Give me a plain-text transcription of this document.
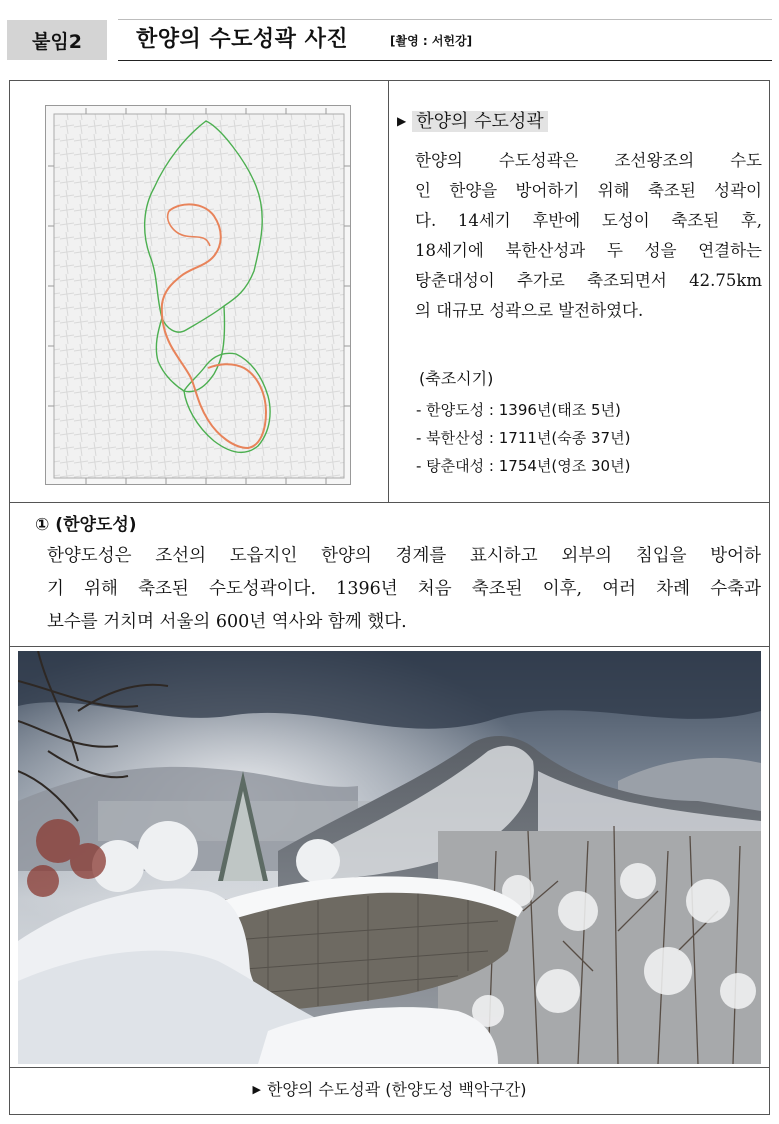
붙임2	한양의 수도성곽 사진	[촬영 : 서헌강]
▶ 한양의 수도성곽
한양의 수도성곽은 조선왕조의 수도
인 한양을 방어하기 위해 축조된 성곽이
다. 14세기 후반에 도성이 축조된 후,
18세기에 북한산성과 두 성을 연결하는
탕춘대성이 추가로 축조되면서 42.75km
의 대규모 성곽으로 발전하였다.
(축조시기)
- 한양도성 : 1396년(태조 5년)
- 북한산성 : 1711년(숙종 37년)
- 탕춘대성 : 1754년(영조 30년)
① (한양도성)
한양도성은 조선의 도읍지인 한양의 경계를 표시하고 외부의 침입을 방어하
기 위해 축조된 수도성곽이다. 1396년 처음 축조된 이후, 여러 차례 수축과
보수를 거치며 서울의 600년 역사와 함께 했다.
▶ 한양의 수도성곽 (한양도성 백악구간)
